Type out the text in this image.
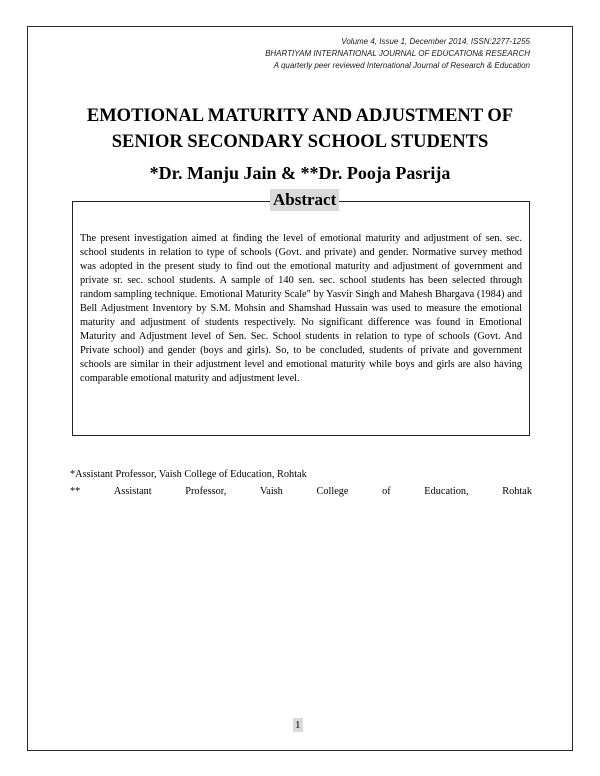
Volume 4, Issue 1, December 2014, ISSN:2277-1255
BHARTIYAM INTERNATIONAL JOURNAL OF EDUCATION& RESEARCH
A quarterly peer reviewed International Journal of Research & Education
EMOTIONAL MATURITY AND ADJUSTMENT OF
SENIOR SECONDARY SCHOOL STUDENTS
*Dr. Manju Jain & **Dr. Pooja Pasrija
Abstract
The present investigation aimed at finding the level of emotional maturity and adjustment of sen. sec. school students in relation to type of schools (Govt. and private) and gender. Normative survey method was adopted in the present study to find out the emotional maturity and adjustment of government and private sr. sec. school students. A sample of 140 sen. sec. school students has been selected through random sampling technique. Emotional Maturity Scale" by Yasvir Singh and Mahesh Bhargava (1984) and Bell Adjustment Inventory by S.M. Mohsin and Shamshad Hussain was used to measure the emotional maturity and adjustment of students respectively. No significant difference was found in Emotional Maturity and Adjustment level of Sen. Sec. School students in relation to type of schools (Govt. And Private school) and gender (boys and girls). So, to be concluded, students of private and government schools are similar in their adjustment level and emotional maturity while boys and girls are also having comparable emotional maturity and adjustment level.
*Assistant Professor, Vaish College of Education, Rohtak
**	Assistant	Professor,	Vaish	College	of	Education,	Rohtak
1
